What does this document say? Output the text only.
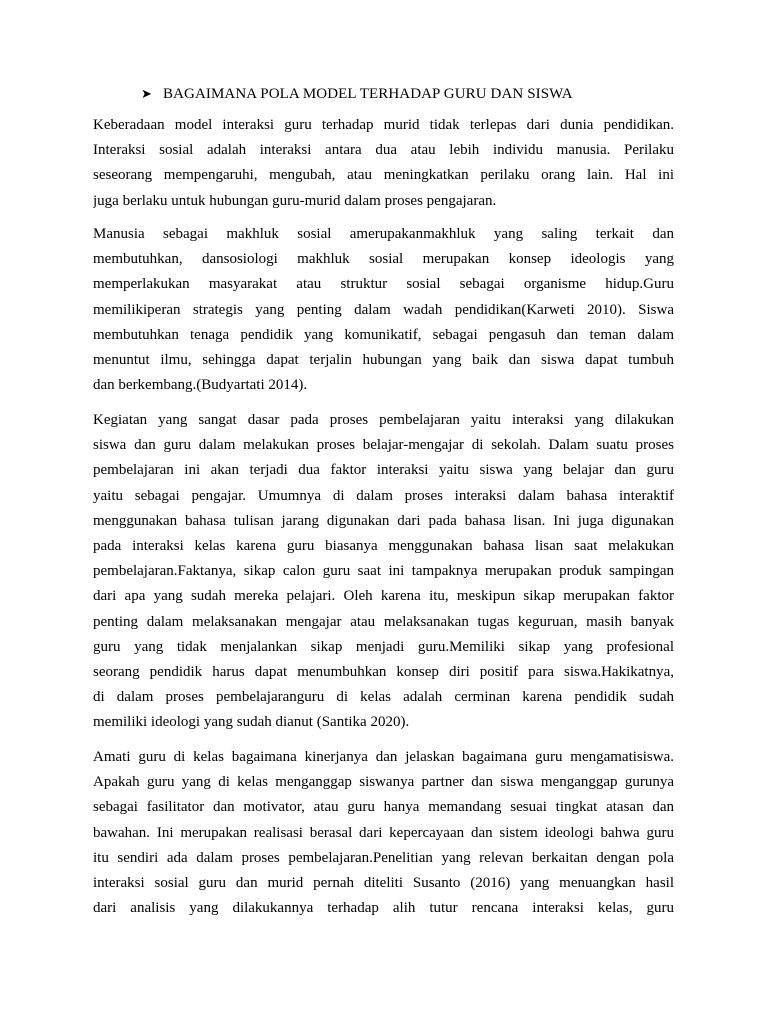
➤ BAGAIMANA POLA MODEL TERHADAP GURU DAN SISWA
Keberadaan model interaksi guru terhadap murid tidak terlepas dari dunia pendidikan.
Interaksi sosial adalah interaksi antara dua atau lebih individu manusia. Perilaku
seseorang mempengaruhi, mengubah, atau meningkatkan perilaku orang lain. Hal ini
juga berlaku untuk hubungan guru-murid dalam proses pengajaran.
Manusia sebagai makhluk sosial amerupakanmakhluk yang saling terkait dan
membutuhkan, dansosiologi makhluk sosial merupakan konsep ideologis yang
memperlakukan masyarakat atau struktur sosial sebagai organisme hidup.Guru
memilikiperan strategis yang penting dalam wadah pendidikan(Karweti 2010). Siswa
membutuhkan tenaga pendidik yang komunikatif, sebagai pengasuh dan teman dalam
menuntut ilmu, sehingga dapat terjalin hubungan yang baik dan siswa dapat tumbuh
dan berkembang.(Budyartati 2014).
Kegiatan yang sangat dasar pada proses pembelajaran yaitu interaksi yang dilakukan
siswa dan guru dalam melakukan proses belajar-mengajar di sekolah. Dalam suatu proses
pembelajaran ini akan terjadi dua faktor interaksi yaitu siswa yang belajar dan guru
yaitu sebagai pengajar. Umumnya di dalam proses interaksi dalam bahasa interaktif
menggunakan bahasa tulisan jarang digunakan dari pada bahasa lisan. Ini juga digunakan
pada interaksi kelas karena guru biasanya menggunakan bahasa lisan saat melakukan
pembelajaran.Faktanya, sikap calon guru saat ini tampaknya merupakan produk sampingan
dari apa yang sudah mereka pelajari. Oleh karena itu, meskipun sikap merupakan faktor
penting dalam melaksanakan mengajar atau melaksanakan tugas keguruan, masih banyak
guru yang tidak menjalankan sikap menjadi guru.Memiliki sikap yang profesional
seorang pendidik harus dapat menumbuhkan konsep diri positif para siswa.Hakikatnya,
di dalam proses pembelajaranguru di kelas adalah cerminan karena pendidik sudah
memiliki ideologi yang sudah dianut (Santika 2020).
Amati guru di kelas bagaimana kinerjanya dan jelaskan bagaimana guru mengamatisiswa.
Apakah guru yang di kelas menganggap siswanya partner dan siswa menganggap gurunya
sebagai fasilitator dan motivator, atau guru hanya memandang sesuai tingkat atasan dan
bawahan. Ini merupakan realisasi berasal dari kepercayaan dan sistem ideologi bahwa guru
itu sendiri ada dalam proses pembelajaran.Penelitian yang relevan berkaitan dengan pola
interaksi sosial guru dan murid pernah diteliti Susanto (2016) yang menuangkan hasil
dari analisis yang dilakukannya terhadap alih tutur rencana interaksi kelas, guru
